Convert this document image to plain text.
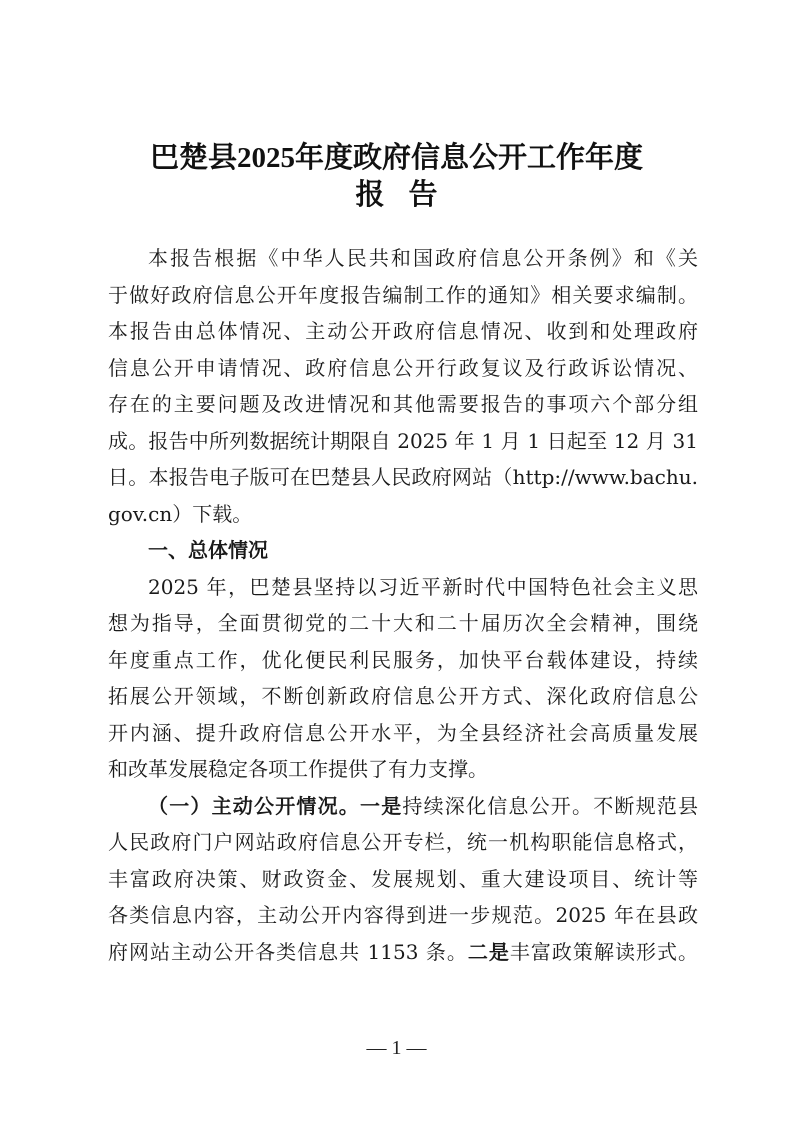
巴楚县2025年度政府信息公开工作年度
报告
本报告根据《中华人民共和国政府信息公开条例》和《关
于做好政府信息公开年度报告编制工作的通知》相关要求编制。
本报告由总体情况、主动公开政府信息情况、收到和处理政府
信息公开申请情况、政府信息公开行政复议及行政诉讼情况、
存在的主要问题及改进情况和其他需要报告的事项六个部分组
成。报告中所列数据统计期限自 2025 年 1 月 1 日起至 12 月 31
日。本报告电子版可在巴楚县人民政府网站（http://www.bachu.
gov.cn）下载。
一、总体情况
2025 年，巴楚县坚持以习近平新时代中国特色社会主义思
想为指导，全面贯彻党的二十大和二十届历次全会精神，围绕
年度重点工作，优化便民利民服务，加快平台载体建设，持续
拓展公开领域，不断创新政府信息公开方式、深化政府信息公
开内涵、提升政府信息公开水平，为全县经济社会高质量发展
和改革发展稳定各项工作提供了有力支撑。
（一）主动公开情况。一是持续深化信息公开。不断规范县
人民政府门户网站政府信息公开专栏，统一机构职能信息格式，
丰富政府决策、财政资金、发展规划、重大建设项目、统计等
各类信息内容，主动公开内容得到进一步规范。2025 年在县政
府网站主动公开各类信息共 1153 条。二是丰富政策解读形式。
— 1 —
